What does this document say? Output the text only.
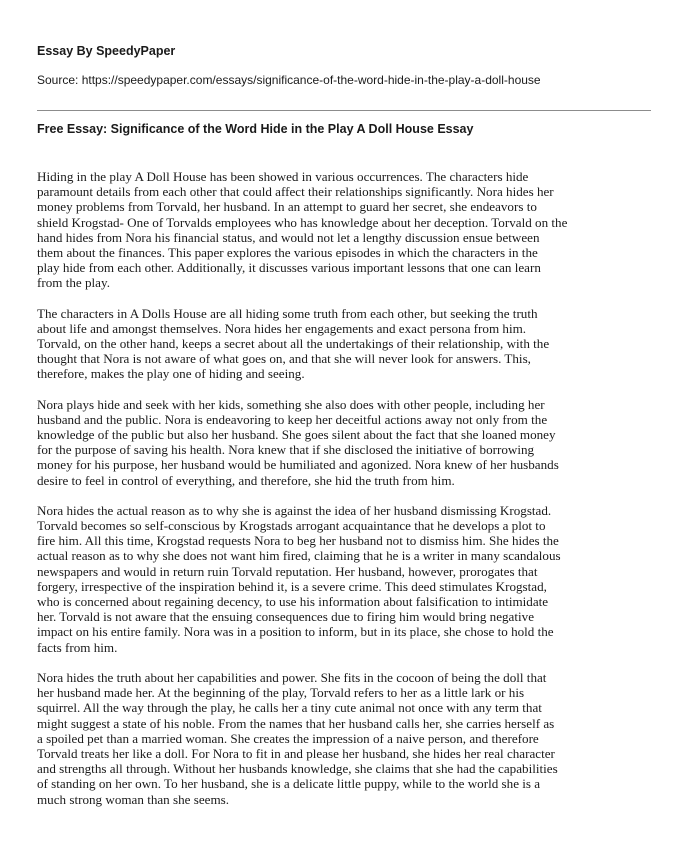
Essay By SpeedyPaper
Source: https://speedypaper.com/essays/significance-of-the-word-hide-in-the-play-a-doll-house
Free Essay: Significance of the Word Hide in the Play A Doll House Essay

Hiding in the play A Doll House has been showed in various occurrences. The characters hide
paramount details from each other that could affect their relationships significantly. Nora hides her
money problems from Torvald, her husband. In an attempt to guard her secret, she endeavors to
shield Krogstad- One of Torvalds employees who has knowledge about her deception. Torvald on the
hand hides from Nora his financial status, and would not let a lengthy discussion ensue between
them about the finances. This paper explores the various episodes in which the characters in the
play hide from each other. Additionally, it discusses various important lessons that one can learn
from the play.

The characters in A Dolls House are all hiding some truth from each other, but seeking the truth
about life and amongst themselves. Nora hides her engagements and exact persona from him.
Torvald, on the other hand, keeps a secret about all the undertakings of their relationship, with the
thought that Nora is not aware of what goes on, and that she will never look for answers. This,
therefore, makes the play one of hiding and seeing.

Nora plays hide and seek with her kids, something she also does with other people, including her
husband and the public. Nora is endeavoring to keep her deceitful actions away not only from the
knowledge of the public but also her husband. She goes silent about the fact that she loaned money
for the purpose of saving his health. Nora knew that if she disclosed the initiative of borrowing
money for his purpose, her husband would be humiliated and agonized. Nora knew of her husbands
desire to feel in control of everything, and therefore, she hid the truth from him.

Nora hides the actual reason as to why she is against the idea of her husband dismissing Krogstad.
Torvald becomes so self-conscious by Krogstads arrogant acquaintance that he develops a plot to
fire him. All this time, Krogstad requests Nora to beg her husband not to dismiss him. She hides the
actual reason as to why she does not want him fired, claiming that he is a writer in many scandalous
newspapers and would in return ruin Torvald reputation. Her husband, however, prorogates that
forgery, irrespective of the inspiration behind it, is a severe crime. This deed stimulates Krogstad,
who is concerned about regaining decency, to use his information about falsification to intimidate
her. Torvald is not aware that the ensuing consequences due to firing him would bring negative
impact on his entire family. Nora was in a position to inform, but in its place, she chose to hold the
facts from him.

Nora hides the truth about her capabilities and power. She fits in the cocoon of being the doll that
her husband made her. At the beginning of the play, Torvald refers to her as a little lark or his
squirrel. All the way through the play, he calls her a tiny cute animal not once with any term that
might suggest a state of his noble. From the names that her husband calls her, she carries herself as
a spoiled pet than a married woman. She creates the impression of a naive person, and therefore
Torvald treats her like a doll. For Nora to fit in and please her husband, she hides her real character
and strengths all through. Without her husbands knowledge, she claims that she had the capabilities
of standing on her own. To her husband, she is a delicate little puppy, while to the world she is a
much strong woman than she seems.
